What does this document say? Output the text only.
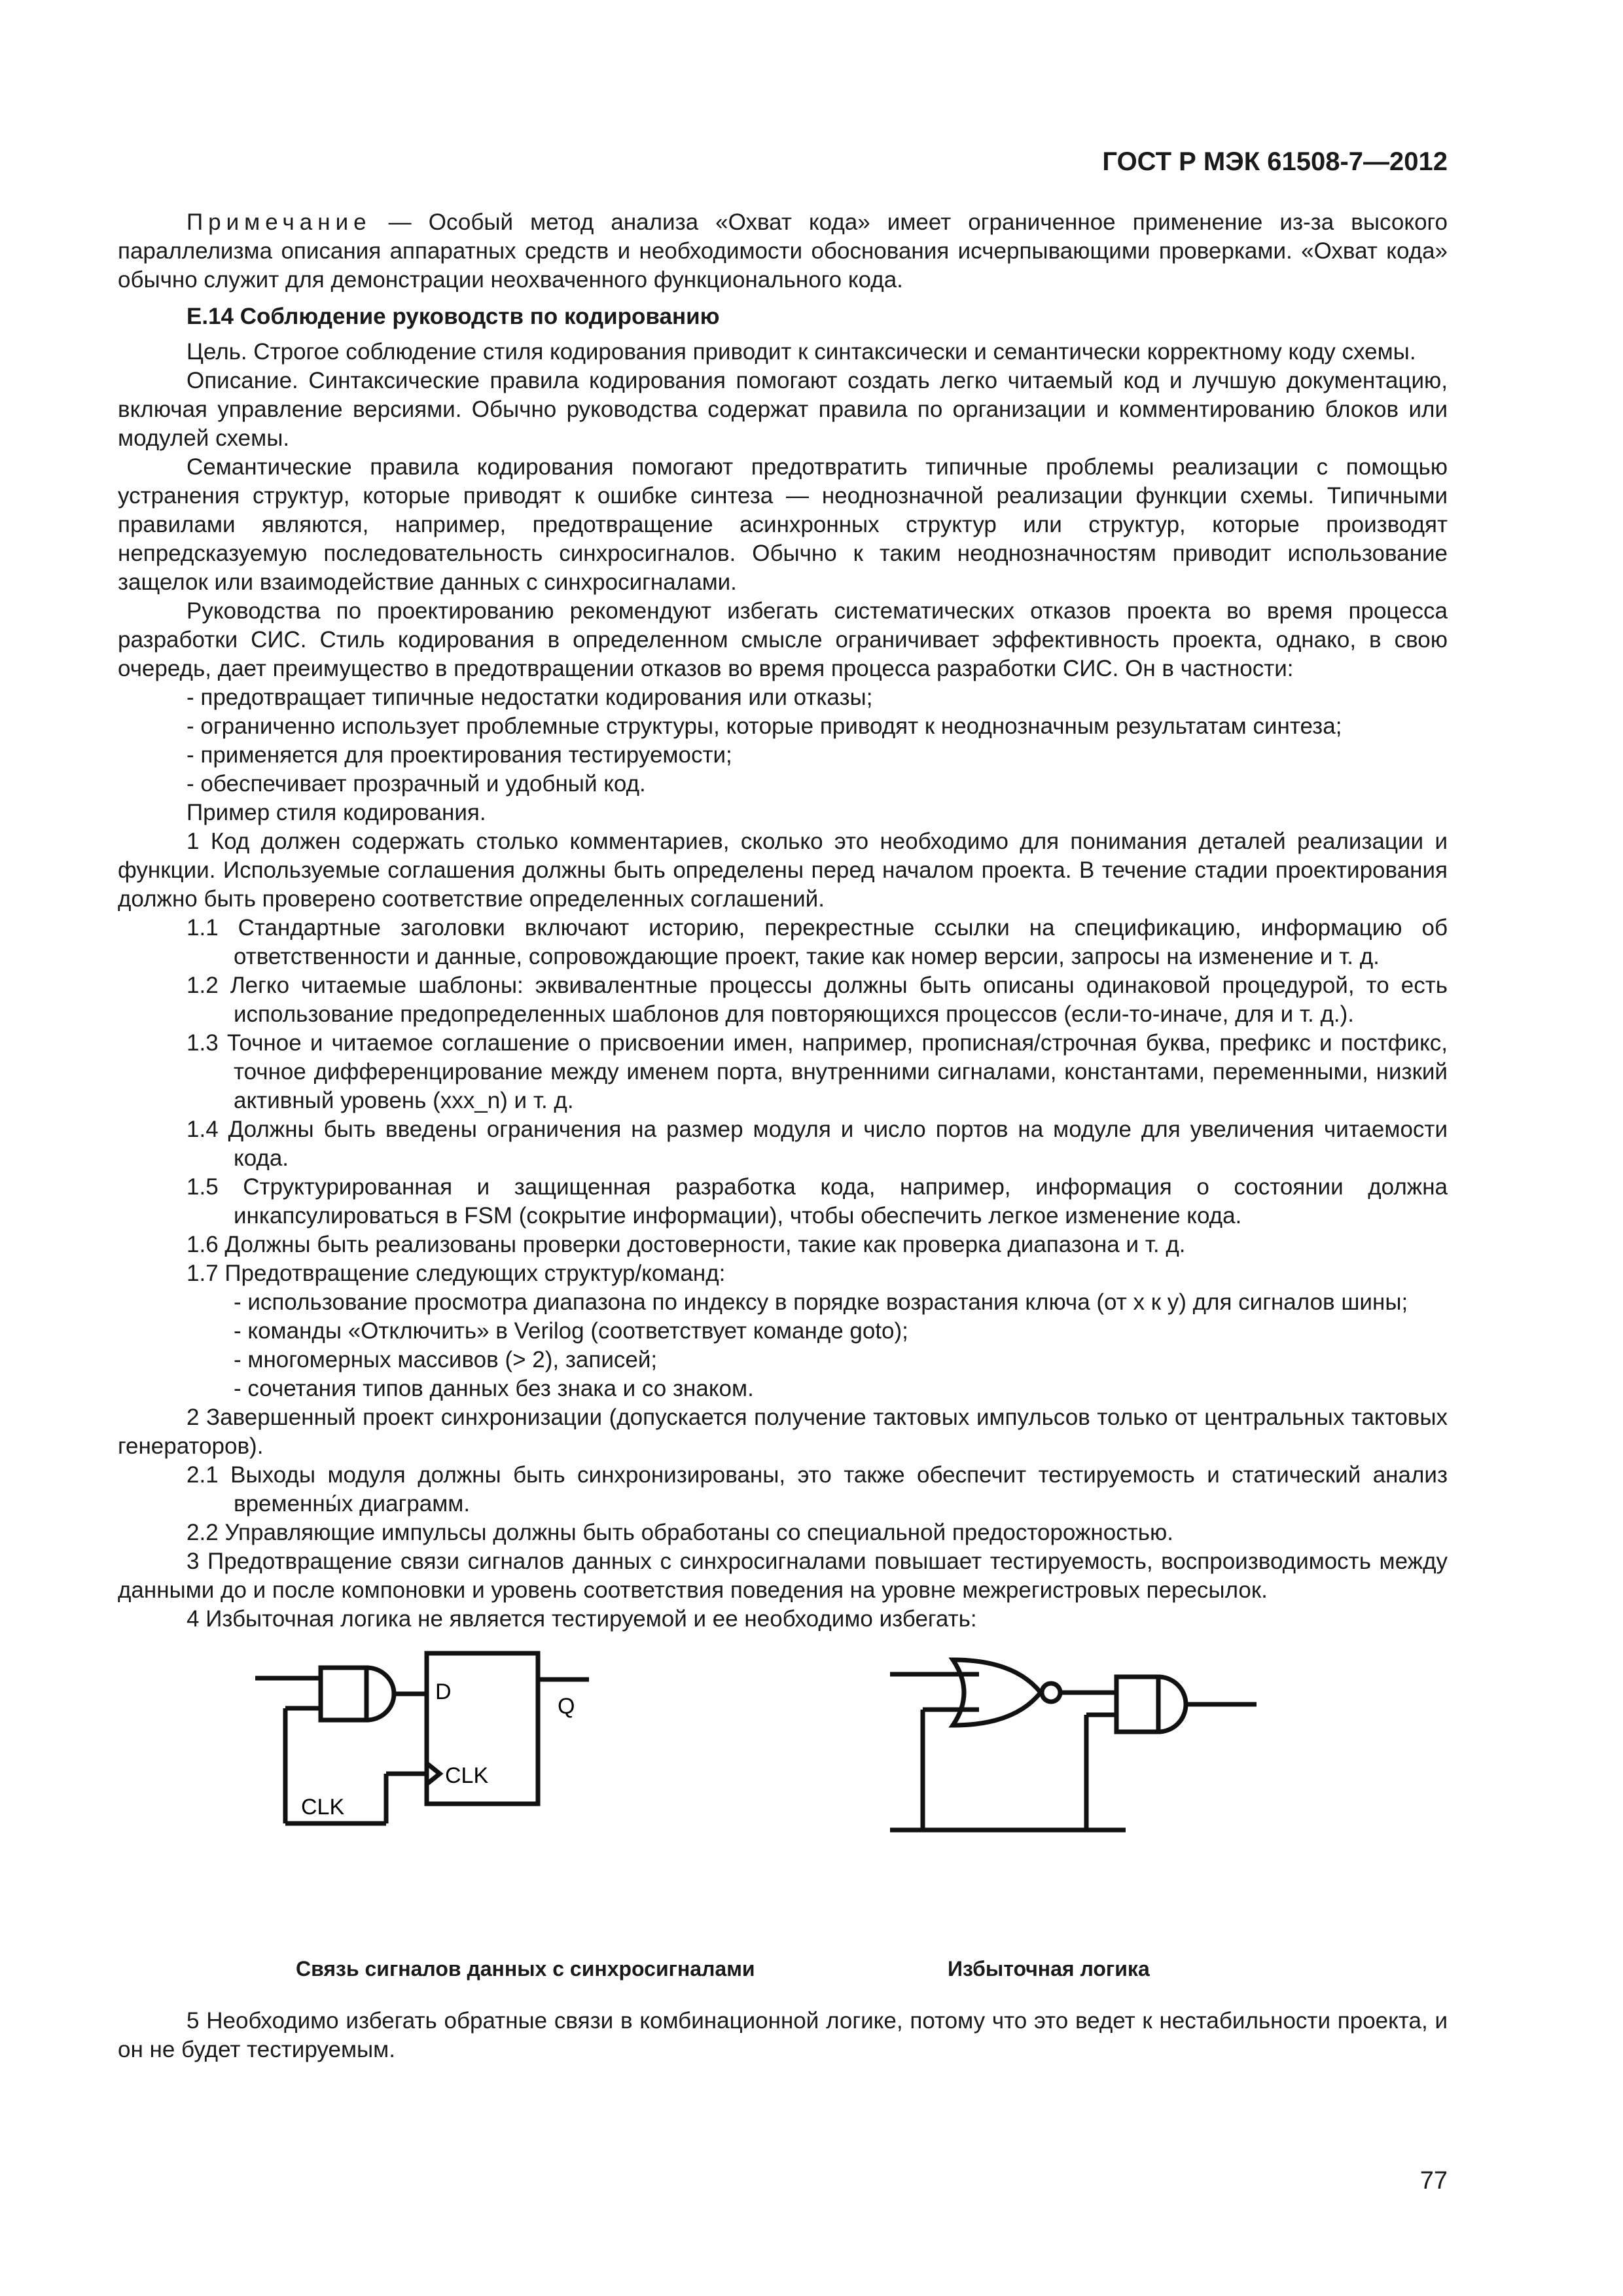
ГОСТ Р МЭК 61508-7—2012

Примечание — Особый метод анализа «Охват кода» имеет ограниченное применение из-за высокого параллелизма описания аппаратных средств и необходимости обоснования исчерпывающими проверками. «Охват кода» обычно служит для демонстрации неохваченного функционального кода.

Е.14 Соблюдение руководств по кодированию

Цель. Строгое соблюдение стиля кодирования приводит к синтаксически и семантически корректному коду схемы.

Описание. Синтаксические правила кодирования помогают создать легко читаемый код и лучшую документацию, включая управление версиями. Обычно руководства содержат правила по организации и комментированию блоков или модулей схемы.

Семантические правила кодирования помогают предотвратить типичные проблемы реализации с помощью устранения структур, которые приводят к ошибке синтеза — неоднозначной реализации функции схемы. Типичными правилами являются, например, предотвращение асинхронных структур или структур, которые производят непредсказуемую последовательность синхросигналов. Обычно к таким неоднозначностям приводит использование защелок или взаимодействие данных с синхросигналами.

Руководства по проектированию рекомендуют избегать систематических отказов проекта во время процесса разработки СИС. Стиль кодирования в определенном смысле ограничивает эффективность проекта, однако, в свою очередь, дает преимущество в предотвращении отказов во время процесса разработки СИС. Он в частности:

- предотвращает типичные недостатки кодирования или отказы;

- ограниченно использует проблемные структуры, которые приводят к неоднозначным результатам синтеза;

- применяется для проектирования тестируемости;

- обеспечивает прозрачный и удобный код.

Пример стиля кодирования.

1 Код должен содержать столько комментариев, сколько это необходимо для понимания деталей реализации и функции. Используемые соглашения должны быть определены перед началом проекта. В течение стадии проектирования должно быть проверено соответствие определенных соглашений.

1.1 Стандартные заголовки включают историю, перекрестные ссылки на спецификацию, информацию об ответственности и данные, сопровождающие проект, такие как номер версии, запросы на изменение и т. д.

1.2 Легко читаемые шаблоны: эквивалентные процессы должны быть описаны одинаковой процедурой, то есть использование предопределенных шаблонов для повторяющихся процессов (если-то-иначе, для и т. д.).

1.3 Точное и читаемое соглашение о присвоении имен, например, прописная/строчная буква, префикс и постфикс, точное дифференцирование между именем порта, внутренними сигналами, константами, переменными, низкий активный уровень (xxx_n) и т. д.

1.4 Должны быть введены ограничения на размер модуля и число портов на модуле для увеличения читаемости кода.

1.5 Структурированная и защищенная разработка кода, например, информация о состоянии должна инкапсулироваться в FSM (сокрытие информации), чтобы обеспечить легкое изменение кода.

1.6 Должны быть реализованы проверки достоверности, такие как проверка диапазона и т. д.

1.7 Предотвращение следующих структур/команд:

- использование просмотра диапазона по индексу в порядке возрастания ключа (от x к y) для сигналов шины;

- команды «Отключить» в Verilog (соответствует команде goto);

- многомерных массивов (> 2), записей;

- сочетания типов данных без знака и со знаком.

2 Завершенный проект синхронизации (допускается получение тактовых импульсов только от центральных тактовых генераторов).

2.1 Выходы модуля должны быть синхронизированы, это также обеспечит тестируемость и статический анализ временны́х диаграмм.

2.2 Управляющие импульсы должны быть обработаны со специальной предосторожностью.

3 Предотвращение связи сигналов данных с синхросигналами повышает тестируемость, воспроизводимость между данными до и после компоновки и уровень соответствия поведения на уровне межрегистровых пересылок.

4 Избыточная логика не является тестируемой и ее необходимо избегать:

D
Q
CLK
CLK
Связь сигналов данных с синхросигналами	Избыточная логика

5 Необходимо избегать обратные связи в комбинационной логике, потому что это ведет к нестабильности проекта, и он не будет тестируемым.

77
